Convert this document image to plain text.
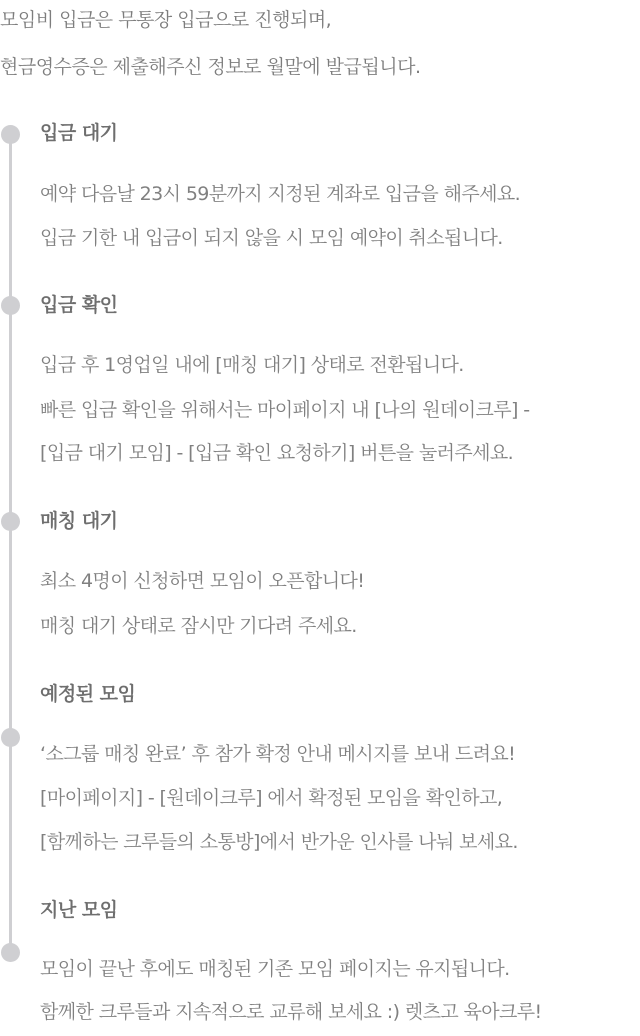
모임비 입금은 무통장 입금으로 진행되며,
현금영수증은 제출해주신 정보로 월말에 발급됩니다.
입금 대기
예약 다음날 23시 59분까지 지정된 계좌로 입금을 해주세요.
입금 기한 내 입금이 되지 않을 시 모임 예약이 취소됩니다.
입금 확인
입금 후 1영업일 내에 [매칭 대기] 상태로 전환됩니다.
빠른 입금 확인을 위해서는 마이페이지 내 [나의 원데이크루] -
[입금 대기 모임] - [입금 확인 요청하기] 버튼을 눌러주세요.
매칭 대기
최소 4명이 신청하면 모임이 오픈합니다!
매칭 대기 상태로 잠시만 기다려 주세요.
예정된 모임
‘소그룹 매칭 완료’ 후 참가 확정 안내 메시지를 보내 드려요!
[마이페이지] - [원데이크루] 에서 확정된 모임을 확인하고,
[함께하는 크루들의 소통방]에서 반가운 인사를 나눠 보세요.
지난 모임
모임이 끝난 후에도 매칭된 기존 모임 페이지는 유지됩니다.
함께한 크루들과 지속적으로 교류해 보세요 :) 렛츠고 육아크루!
